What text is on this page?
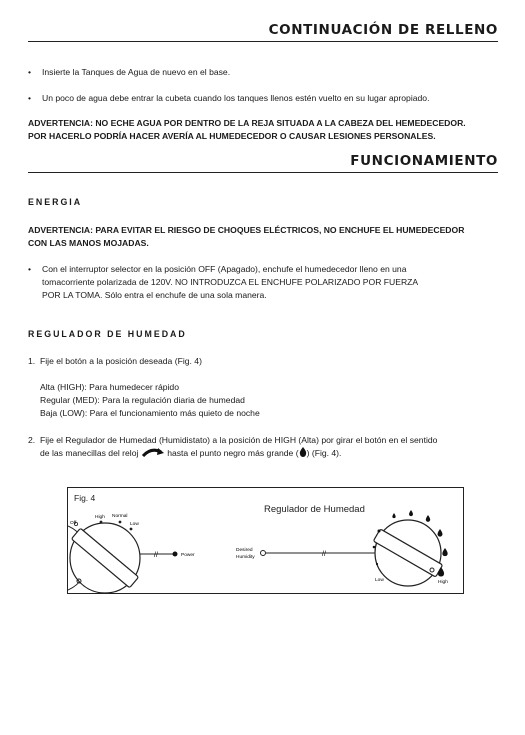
CONTINUACIÓN DE RELLENO
• Insierte la Tanques de Agua de nuevo en el base.
• Un poco de agua debe entrar la cubeta cuando los tanques llenos estén vuelto en su lugar apropiado.
ADVERTENCIA: NO ECHE AGUA POR DENTRO DE LA REJA SITUADA A LA CABEZA DEL HEMEDECEDOR.
POR HACERLO PODRÍA HACER AVERÍA AL HUMEDECEDOR O CAUSAR LESIONES PERSONALES.
FUNCIONAMIENTO
ENERGIA
ADVERTENCIA: PARA EVITAR EL RIESGO DE CHOQUES ELÉCTRICOS, NO ENCHUFE EL HUMEDECEDOR
CON LAS MANOS MOJADAS.
• Con el interruptor selector en la posición OFF (Apagado), enchufe el humedecedor lleno en una
tomacorriente polarizada de 120V. NO INTRODUZCA EL ENCHUFE POLARIZADO POR FUERZA
POR LA TOMA. Sólo entra el enchufe de una sola manera.
REGULADOR DE HUMEDAD
1. Fije el botón a la posición deseada (Fig. 4)
Alta (HIGH): Para humedecer rápido
Regular (MED): Para la regulación diaria de humedad
Baja (LOW): Para el funcionamiento más quieto de noche
2. Fije el Regulador de Humedad (Humidistato) a la posición de HIGH (Alta) por girar el botón en el sentido
de las manecillas del reloj	hasta el punto negro más grande ( ) (Fig. 4).
Fig. 4
Regulador de Humedad
Off
High Normal
Low
//	Power
Desired
Humidity	//
Low	High
